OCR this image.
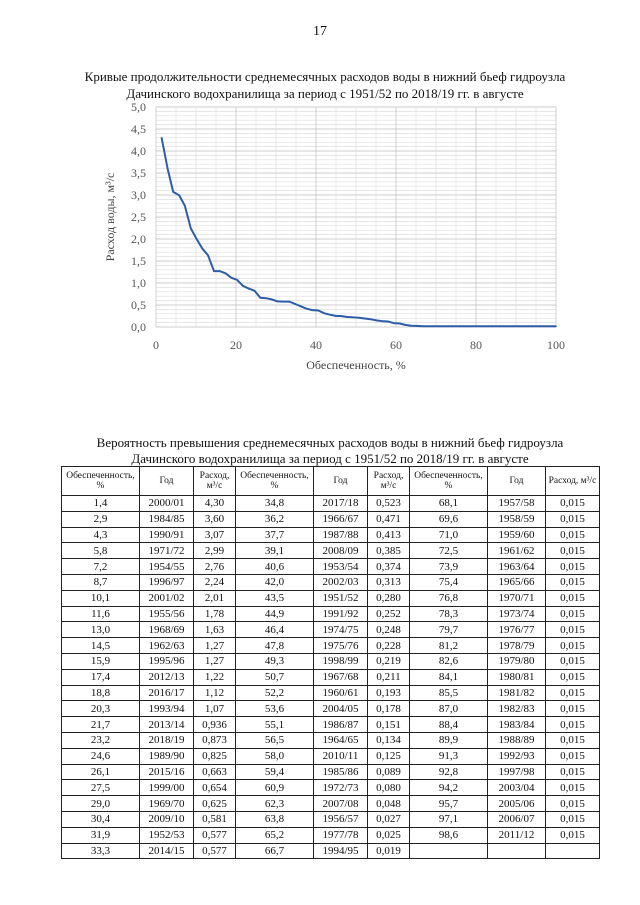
17
Кривые продолжительности среднемесячных расходов воды в нижний бьеф гидроузла
Дачинского водохранилища за период с 1951/52 по 2018/19 гг. в августе
0,0
0,5
1,0
1,5
2,0
2,5
3,0
3,5
4,0
4,5
5,0
0	20	40	60	80	100
Обеспеченность, %
Расход воды, м³/с
Вероятность превышения среднемесячных расходов воды в нижний бьеф гидроузла
Дачинского водохранилища за период с 1951/52 по 2018/19 гг. в августе
Обеспеченность, %	Год	Расход, м³/с	Обеспеченность, %	Год	Расход, м³/с	Обеспеченность, %	Год	Расход, м³/с
1,4	2000/01	4,30	34,8	2017/18	0,523	68,1	1957/58	0,015
2,9	1984/85	3,60	36,2	1966/67	0,471	69,6	1958/59	0,015
4,3	1990/91	3,07	37,7	1987/88	0,413	71,0	1959/60	0,015
5,8	1971/72	2,99	39,1	2008/09	0,385	72,5	1961/62	0,015
7,2	1954/55	2,76	40,6	1953/54	0,374	73,9	1963/64	0,015
8,7	1996/97	2,24	42,0	2002/03	0,313	75,4	1965/66	0,015
10,1	2001/02	2,01	43,5	1951/52	0,280	76,8	1970/71	0,015
11,6	1955/56	1,78	44,9	1991/92	0,252	78,3	1973/74	0,015
13,0	1968/69	1,63	46,4	1974/75	0,248	79,7	1976/77	0,015
14,5	1962/63	1,27	47,8	1975/76	0,228	81,2	1978/79	0,015
15,9	1995/96	1,27	49,3	1998/99	0,219	82,6	1979/80	0,015
17,4	2012/13	1,22	50,7	1967/68	0,211	84,1	1980/81	0,015
18,8	2016/17	1,12	52,2	1960/61	0,193	85,5	1981/82	0,015
20,3	1993/94	1,07	53,6	2004/05	0,178	87,0	1982/83	0,015
21,7	2013/14	0,936	55,1	1986/87	0,151	88,4	1983/84	0,015
23,2	2018/19	0,873	56,5	1964/65	0,134	89,9	1988/89	0,015
24,6	1989/90	0,825	58,0	2010/11	0,125	91,3	1992/93	0,015
26,1	2015/16	0,663	59,4	1985/86	0,089	92,8	1997/98	0,015
27,5	1999/00	0,654	60,9	1972/73	0,080	94,2	2003/04	0,015
29,0	1969/70	0,625	62,3	2007/08	0,048	95,7	2005/06	0,015
30,4	2009/10	0,581	63,8	1956/57	0,027	97,1	2006/07	0,015
31,9	1952/53	0,577	65,2	1977/78	0,025	98,6	2011/12	0,015
33,3	2014/15	0,577	66,7	1994/95	0,019			
